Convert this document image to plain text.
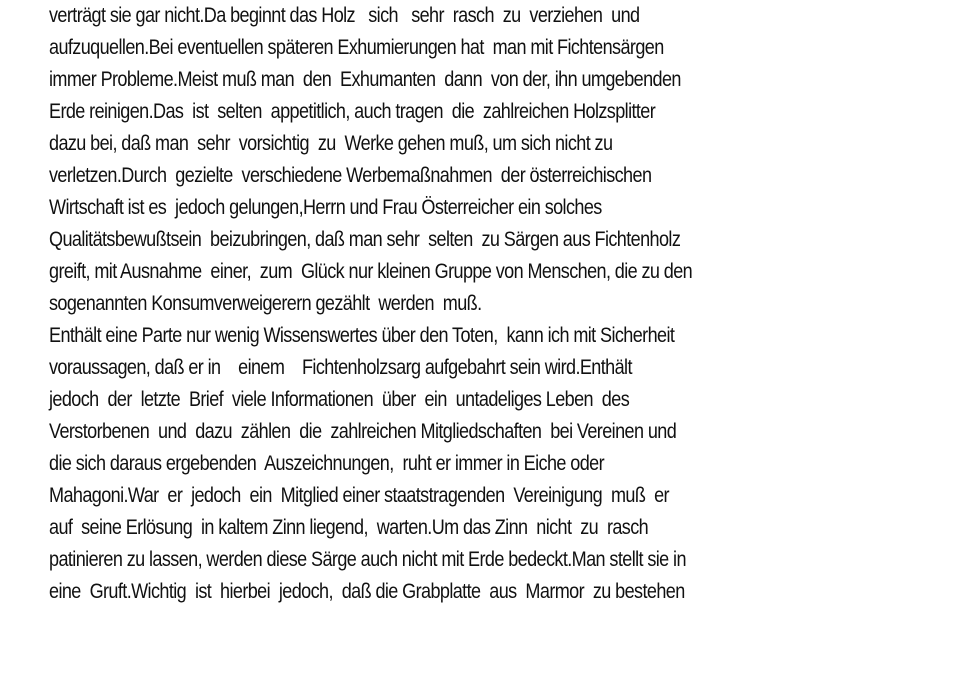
verträgt sie gar nicht.Da beginnt das Holz   sich   sehr  rasch  zu  verziehen  und
aufzuquellen.Bei eventuellen späteren Exhumierungen hat  man mit Fichtensärgen
immer Probleme.Meist muß man  den  Exhumanten  dann  von der, ihn umgebenden
Erde reinigen.Das  ist  selten  appetitlich, auch tragen  die  zahlreichen Holzsplitter
dazu bei, daß man  sehr  vorsichtig  zu  Werke gehen muß, um sich nicht zu
verletzen.Durch  gezielte  verschiedene Werbemaßnahmen  der österreichischen
Wirtschaft ist es  jedoch gelungen,Herrn und Frau Österreicher ein solches
Qualitätsbewußtsein  beizubringen, daß man sehr  selten  zu Särgen aus Fichtenholz
greift, mit Ausnahme  einer,  zum  Glück nur kleinen Gruppe von Menschen, die zu den
sogenannten Konsumverweigerern gezählt  werden  muß.
Enthält eine Parte nur wenig Wissenswertes über den Toten,  kann ich mit Sicherheit
voraussagen, daß er in    einem    Fichtenholzsarg aufgebahrt sein wird.Enthält
jedoch  der  letzte  Brief  viele Informationen  über  ein  untadeliges Leben  des
Verstorbenen  und  dazu  zählen  die  zahlreichen Mitgliedschaften  bei Vereinen und
die sich daraus ergebenden  Auszeichnungen,  ruht er immer in Eiche oder
Mahagoni.War  er  jedoch  ein  Mitglied einer staatstragenden  Vereinigung  muß  er
auf  seine Erlösung  in kaltem Zinn liegend,  warten.Um das Zinn  nicht  zu  rasch
patinieren zu lassen, werden diese Särge auch nicht mit Erde bedeckt.Man stellt sie in
eine  Gruft.Wichtig  ist  hierbei  jedoch,  daß die Grabplatte  aus  Marmor  zu bestehen
